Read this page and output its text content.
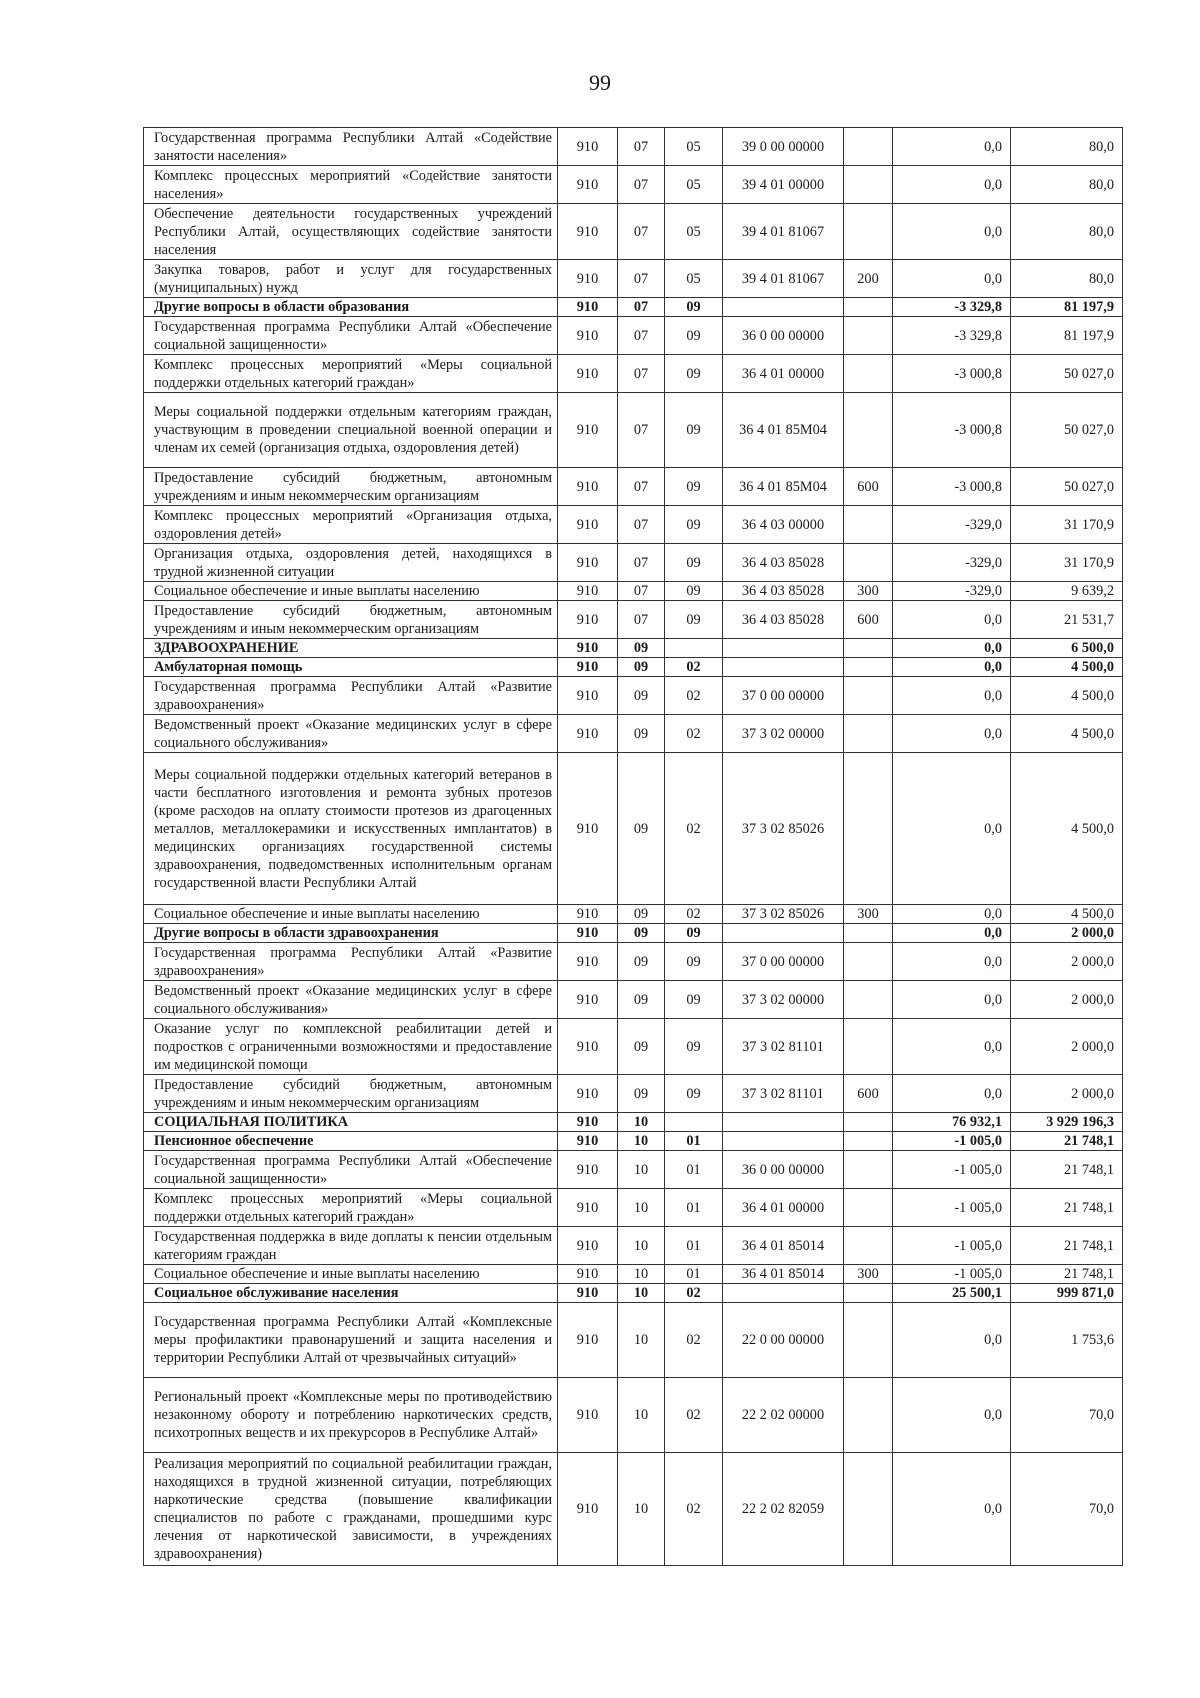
99
Государственная программа Республики Алтай «Содействие занятости населения»	910	07	05	39 0 00 00000		0,0	80,0
Комплекс процессных мероприятий «Содействие занятости населения»	910	07	05	39 4 01 00000		0,0	80,0
Обеспечение деятельности государственных учреждений Республики Алтай, осуществляющих содействие занятости населения	910	07	05	39 4 01 81067		0,0	80,0
Закупка товаров, работ и услуг для государственных (муниципальных) нужд	910	07	05	39 4 01 81067	200	0,0	80,0
Другие вопросы в области образования	910	07	09			-3 329,8	81 197,9
Государственная программа Республики Алтай «Обеспечение социальной защищенности»	910	07	09	36 0 00 00000		-3 329,8	81 197,9
Комплекс процессных мероприятий «Меры социальной поддержки отдельных категорий граждан»	910	07	09	36 4 01 00000		-3 000,8	50 027,0
Меры социальной поддержки отдельным категориям граждан, участвующим в проведении специальной военной операции и членам их семей (организация отдыха, оздоровления детей)	910	07	09	36 4 01 85М04		-3 000,8	50 027,0
Предоставление субсидий бюджетным, автономным учреждениям и иным некоммерческим организациям	910	07	09	36 4 01 85М04	600	-3 000,8	50 027,0
Комплекс процессных мероприятий «Организация отдыха, оздоровления детей»	910	07	09	36 4 03 00000		-329,0	31 170,9
Организация отдыха, оздоровления детей, находящихся в трудной жизненной ситуации	910	07	09	36 4 03 85028		-329,0	31 170,9
Социальное обеспечение и иные выплаты населению	910	07	09	36 4 03 85028	300	-329,0	9 639,2
Предоставление субсидий бюджетным, автономным учреждениям и иным некоммерческим организациям	910	07	09	36 4 03 85028	600	0,0	21 531,7
ЗДРАВООХРАНЕНИЕ	910	09				0,0	6 500,0
Амбулаторная помощь	910	09	02			0,0	4 500,0
Государственная программа Республики Алтай «Развитие здравоохранения»	910	09	02	37 0 00 00000		0,0	4 500,0
Ведомственный проект «Оказание медицинских услуг в сфере социального обслуживания»	910	09	02	37 3 02 00000		0,0	4 500,0
Меры социальной поддержки отдельных категорий ветеранов в части бесплатного изготовления и ремонта зубных протезов (кроме расходов на оплату стоимости протезов из драгоценных металлов, металлокерамики и искусственных имплантатов) в медицинских организациях государственной системы здравоохранения, подведомственных исполнительным органам государственной власти Республики Алтай	910	09	02	37 3 02 85026		0,0	4 500,0
Социальное обеспечение и иные выплаты населению	910	09	02	37 3 02 85026	300	0,0	4 500,0
Другие вопросы в области здравоохранения	910	09	09			0,0	2 000,0
Государственная программа Республики Алтай «Развитие здравоохранения»	910	09	09	37 0 00 00000		0,0	2 000,0
Ведомственный проект «Оказание медицинских услуг в сфере социального обслуживания»	910	09	09	37 3 02 00000		0,0	2 000,0
Оказание услуг по комплексной реабилитации детей и подростков с ограниченными возможностями и предоставление им медицинской помощи	910	09	09	37 3 02 81101		0,0	2 000,0
Предоставление субсидий бюджетным, автономным учреждениям и иным некоммерческим организациям	910	09	09	37 3 02 81101	600	0,0	2 000,0
СОЦИАЛЬНАЯ ПОЛИТИКА	910	10				76 932,1	3 929 196,3
Пенсионное обеспечение	910	10	01			-1 005,0	21 748,1
Государственная программа Республики Алтай «Обеспечение социальной защищенности»	910	10	01	36 0 00 00000		-1 005,0	21 748,1
Комплекс процессных мероприятий «Меры социальной поддержки отдельных категорий граждан»	910	10	01	36 4 01 00000		-1 005,0	21 748,1
Государственная поддержка в виде доплаты к пенсии отдельным категориям граждан	910	10	01	36 4 01 85014		-1 005,0	21 748,1
Социальное обеспечение и иные выплаты населению	910	10	01	36 4 01 85014	300	-1 005,0	21 748,1
Социальное обслуживание населения	910	10	02			25 500,1	999 871,0
Государственная программа Республики Алтай «Комплексные меры профилактики правонарушений и защита населения и территории Республики Алтай от чрезвычайных ситуаций»	910	10	02	22 0 00 00000		0,0	1 753,6
Региональный проект «Комплексные меры по противодействию незаконному обороту и потреблению наркотических средств, психотропных веществ и их прекурсоров в Республике Алтай»	910	10	02	22 2 02 00000		0,0	70,0
Реализация мероприятий по социальной реабилитации граждан, находящихся в трудной жизненной ситуации, потребляющих наркотические средства (повышение квалификации специалистов по работе с гражданами, прошедшими курс лечения от наркотической зависимости, в учреждениях здравоохранения)	910	10	02	22 2 02 82059		0,0	70,0
